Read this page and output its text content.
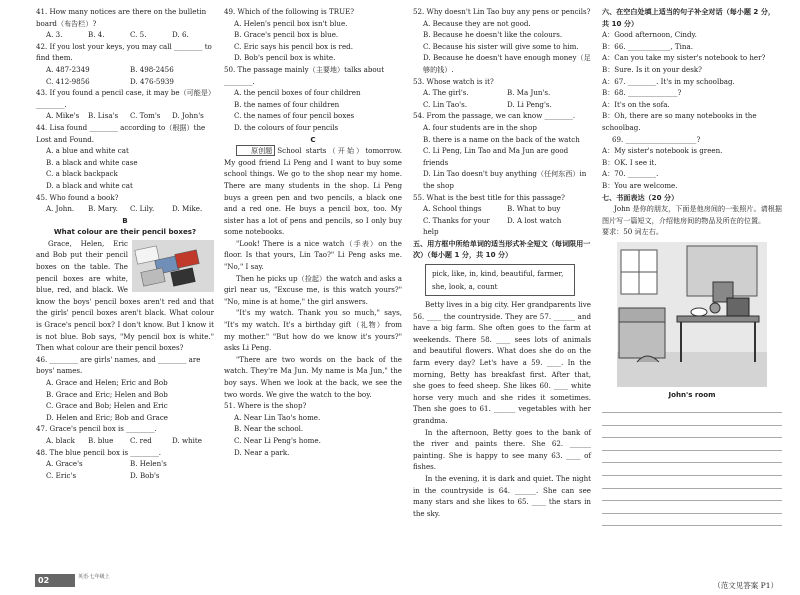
41. How many notices are there on the bulletin board（布告栏）?

A. 3.	B. 4.	C. 5.	D. 6.

42. If you lost your keys, you may call ________ to find them.

A. 487-2349	B. 498-2456
C. 412-9856	D. 476-5939

43. If you found a pencil case, it may be（可能是）________.

A. Mike's	B. Lisa's	C. Tom's	D. John's

44. Lisa found ________ according to（根据）the Lost and Found.

A. a blue and white cat
B. a black and white case
C. a black backpack
D. a black and white cat

45. Who found a book?

A. John.	B. Mary.	C. Lily.	D. Mike.
B
What colour are their pencil boxes?

Grace, Helen, Eric and Bob put their pencil boxes on the table. The pencil boxes are white, blue, red, and black. We know the boys' pencil boxes aren't red and that the girls' pencil boxes aren't black. What colour is Grace's pencil box? I don't know. But I know it is not blue. Bob says, "My pencil box is white." Then what colour are their pencil boxes?

46. ________ are girls' names, and ________ are boys' names.

A. Grace and Helen; Eric and Bob
B. Grace and Eric; Helen and Bob
C. Grace and Bob; Helen and Eric
D. Helen and Eric; Bob and Grace

47. Grace's pencil box is ________.

A. black	B. blue	C. red	D. white

48. The blue pencil box is ________.

A. Grace's	B. Helen's
C. Eric's	D. Bob's

49. Which of the following is TRUE?

A. Helen's pencil box isn't blue.
B. Grace's pencil box is blue.
C. Eric says his pencil box is red.
D. Bob's pencil box is white.

50. The passage mainly（主要地）talks about ________.

A. the pencil boxes of four children
B. the names of four children
C. the names of four pencil boxes
D. the colours of four pencils
C

原创题 School starts（开始）tomorrow. My good friend Li Peng and I want to buy some school things. We go to the shop near my home. There are many students in the shop. Li Peng buys a green pen and two pencils, a black one and a red one. He buys a pencil box, too. My sister has a lot of pens and pencils, so I only buy some notebooks.

"Look! There is a nice watch（手表）on the floor. Is that yours, Lin Tao?" Li Peng asks me. "No," I say.

Then he picks up（捡起）the watch and asks a girl near us, "Excuse me, is this watch yours?" "No, mine is at home," the girl answers.

"It's my watch. Thank you so much," says, "It's my watch. It's a birthday gift（礼物）from my mother." "But how do we know it's yours?" asks Li Peng.

"There are two words on the back of the watch. They're Ma Jun. My name is Ma Jun," the boy says. When we look at the back, we see the two words. We give the watch to the boy.

51. Where is the shop?

A. Near Lin Tao's home.
B. Near the school.
C. Near Li Peng's home.
D. Near a park.

52. Why doesn't Lin Tao buy any pens or pencils?

A. Because they are not good.
B. Because he doesn't like the colours.
C. Because his sister will give some to him.
D. Because he doesn't have enough money（足够的钱）.

53. Whose watch is it?

A. The girl's.	B. Ma Jun's.
C. Lin Tao's.	D. Li Peng's.

54. From the passage, we can know ________.

A. four students are in the shop
B. there is a name on the back of the watch
C. Li Peng, Lin Tao and Ma Jun are good friends
D. Lin Tao doesn't buy anything（任何东西）in the shop

55. What is the best title for this passage?

A. School things	B. What to buy
C. Thanks for your help
D. A lost watch

五、用方框中所给单词的适当形式补全短文（每词限用一次）（每小题 1 分，共 10 分）

pick, like, in, kind, beautiful, farmer, she, look, a, count

Betty lives in a big city. Her grandparents live 56. ____ the countryside. They are 57. ______ and have a big farm. She often goes to the farm at weekends. There 58. ____ sees lots of animals and beautiful flowers. What does she do on the farm every day? Let's have a 59. ____. In the morning, Betty has breakfast first. After that, she goes to feed sheep. She likes 60. ____ white horse very much and she rides it sometimes. Then she goes to 61. ______ vegetables with her grandma.

In the afternoon, Betty goes to the bank of the river and paints there. She 62. ______ painting. She is happy to see many 63. ____ of fishes.

In the evening, it is dark and quiet. The night in the countryside is 64. ______. She can see many stars and she likes to 65. ____ the stars in the sky.

六、在空白处填上适当的句子补全对话（每小题 2 分，共 10 分）

A：Good afternoon, Cindy.
B：66. ____________, Tina.
A：Can you take my sister's notebook to her?
B：Sure. Is it on your desk?
A：67. ________. It's in my schoolbag.
B：68. ______________?
A：It's on the sofa.
B：Oh, there are so many notebooks in the schoolbag.
69. ____________________?
A：My sister's notebook is green.
B：OK. I see it.
A：70. ________.
B：You are welcome.

七、书面表达（20 分）

John 是你的朋友，下面是他房间的一张照片。请根据图片写一篇短文，介绍他房间的物品及所在的位置。

要求：50 词左右。

John's room
02	英语·七年级上
（范文见答案 P1）
